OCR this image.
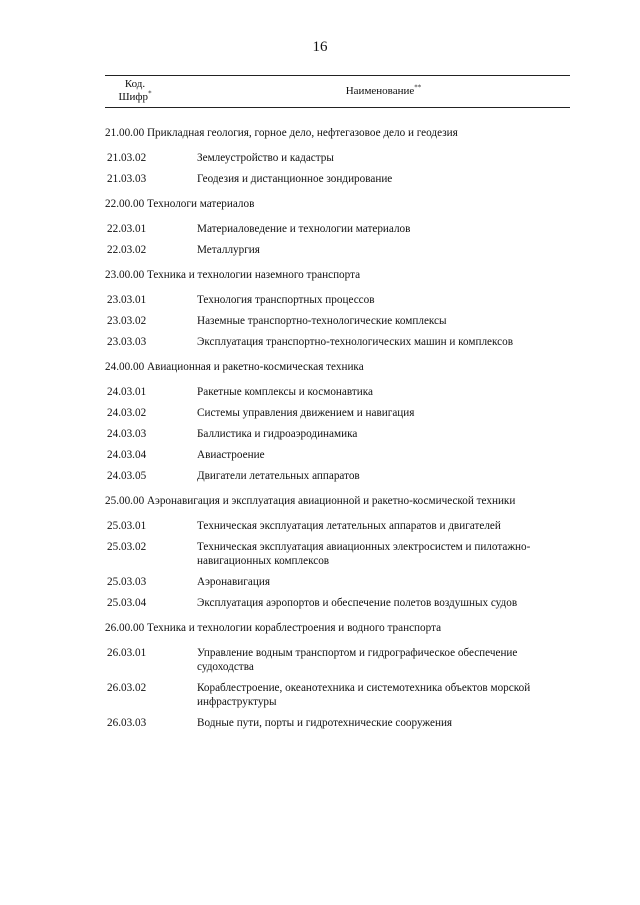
16
Код.
Шифр*	Наименование**
21.00.00 Прикладная геология, горное дело, нефтегазовое дело и геодезия
21.03.02	Землеустройство и кадастры
21.03.03	Геодезия и дистанционное зондирование
22.00.00 Технологи материалов
22.03.01	Материаловедение и технологии материалов
22.03.02	Металлургия
23.00.00 Техника и технологии наземного транспорта
23.03.01	Технология транспортных процессов
23.03.02	Наземные транспортно-технологические комплексы
23.03.03	Эксплуатация транспортно-технологических машин и комплексов
24.00.00 Авиационная и ракетно-космическая техника
24.03.01	Ракетные комплексы и космонавтика
24.03.02	Системы управления движением и навигация
24.03.03	Баллистика и гидроаэродинамика
24.03.04	Авиастроение
24.03.05	Двигатели летательных аппаратов
25.00.00 Аэронавигация и эксплуатация авиационной и ракетно-космической техники
25.03.01	Техническая эксплуатация летательных аппаратов и двигателей
25.03.02	Техническая эксплуатация авиационных электросистем и пилотажно-навигационных комплексов
25.03.03	Аэронавигация
25.03.04	Эксплуатация аэропортов и обеспечение полетов воздушных судов
26.00.00 Техника и технологии кораблестроения и водного транспорта
26.03.01	Управление водным транспортом и гидрографическое обеспечение судоходства
26.03.02	Кораблестроение, океанотехника и системотехника объектов морской инфраструктуры
26.03.03	Водные пути, порты и гидротехнические сооружения
